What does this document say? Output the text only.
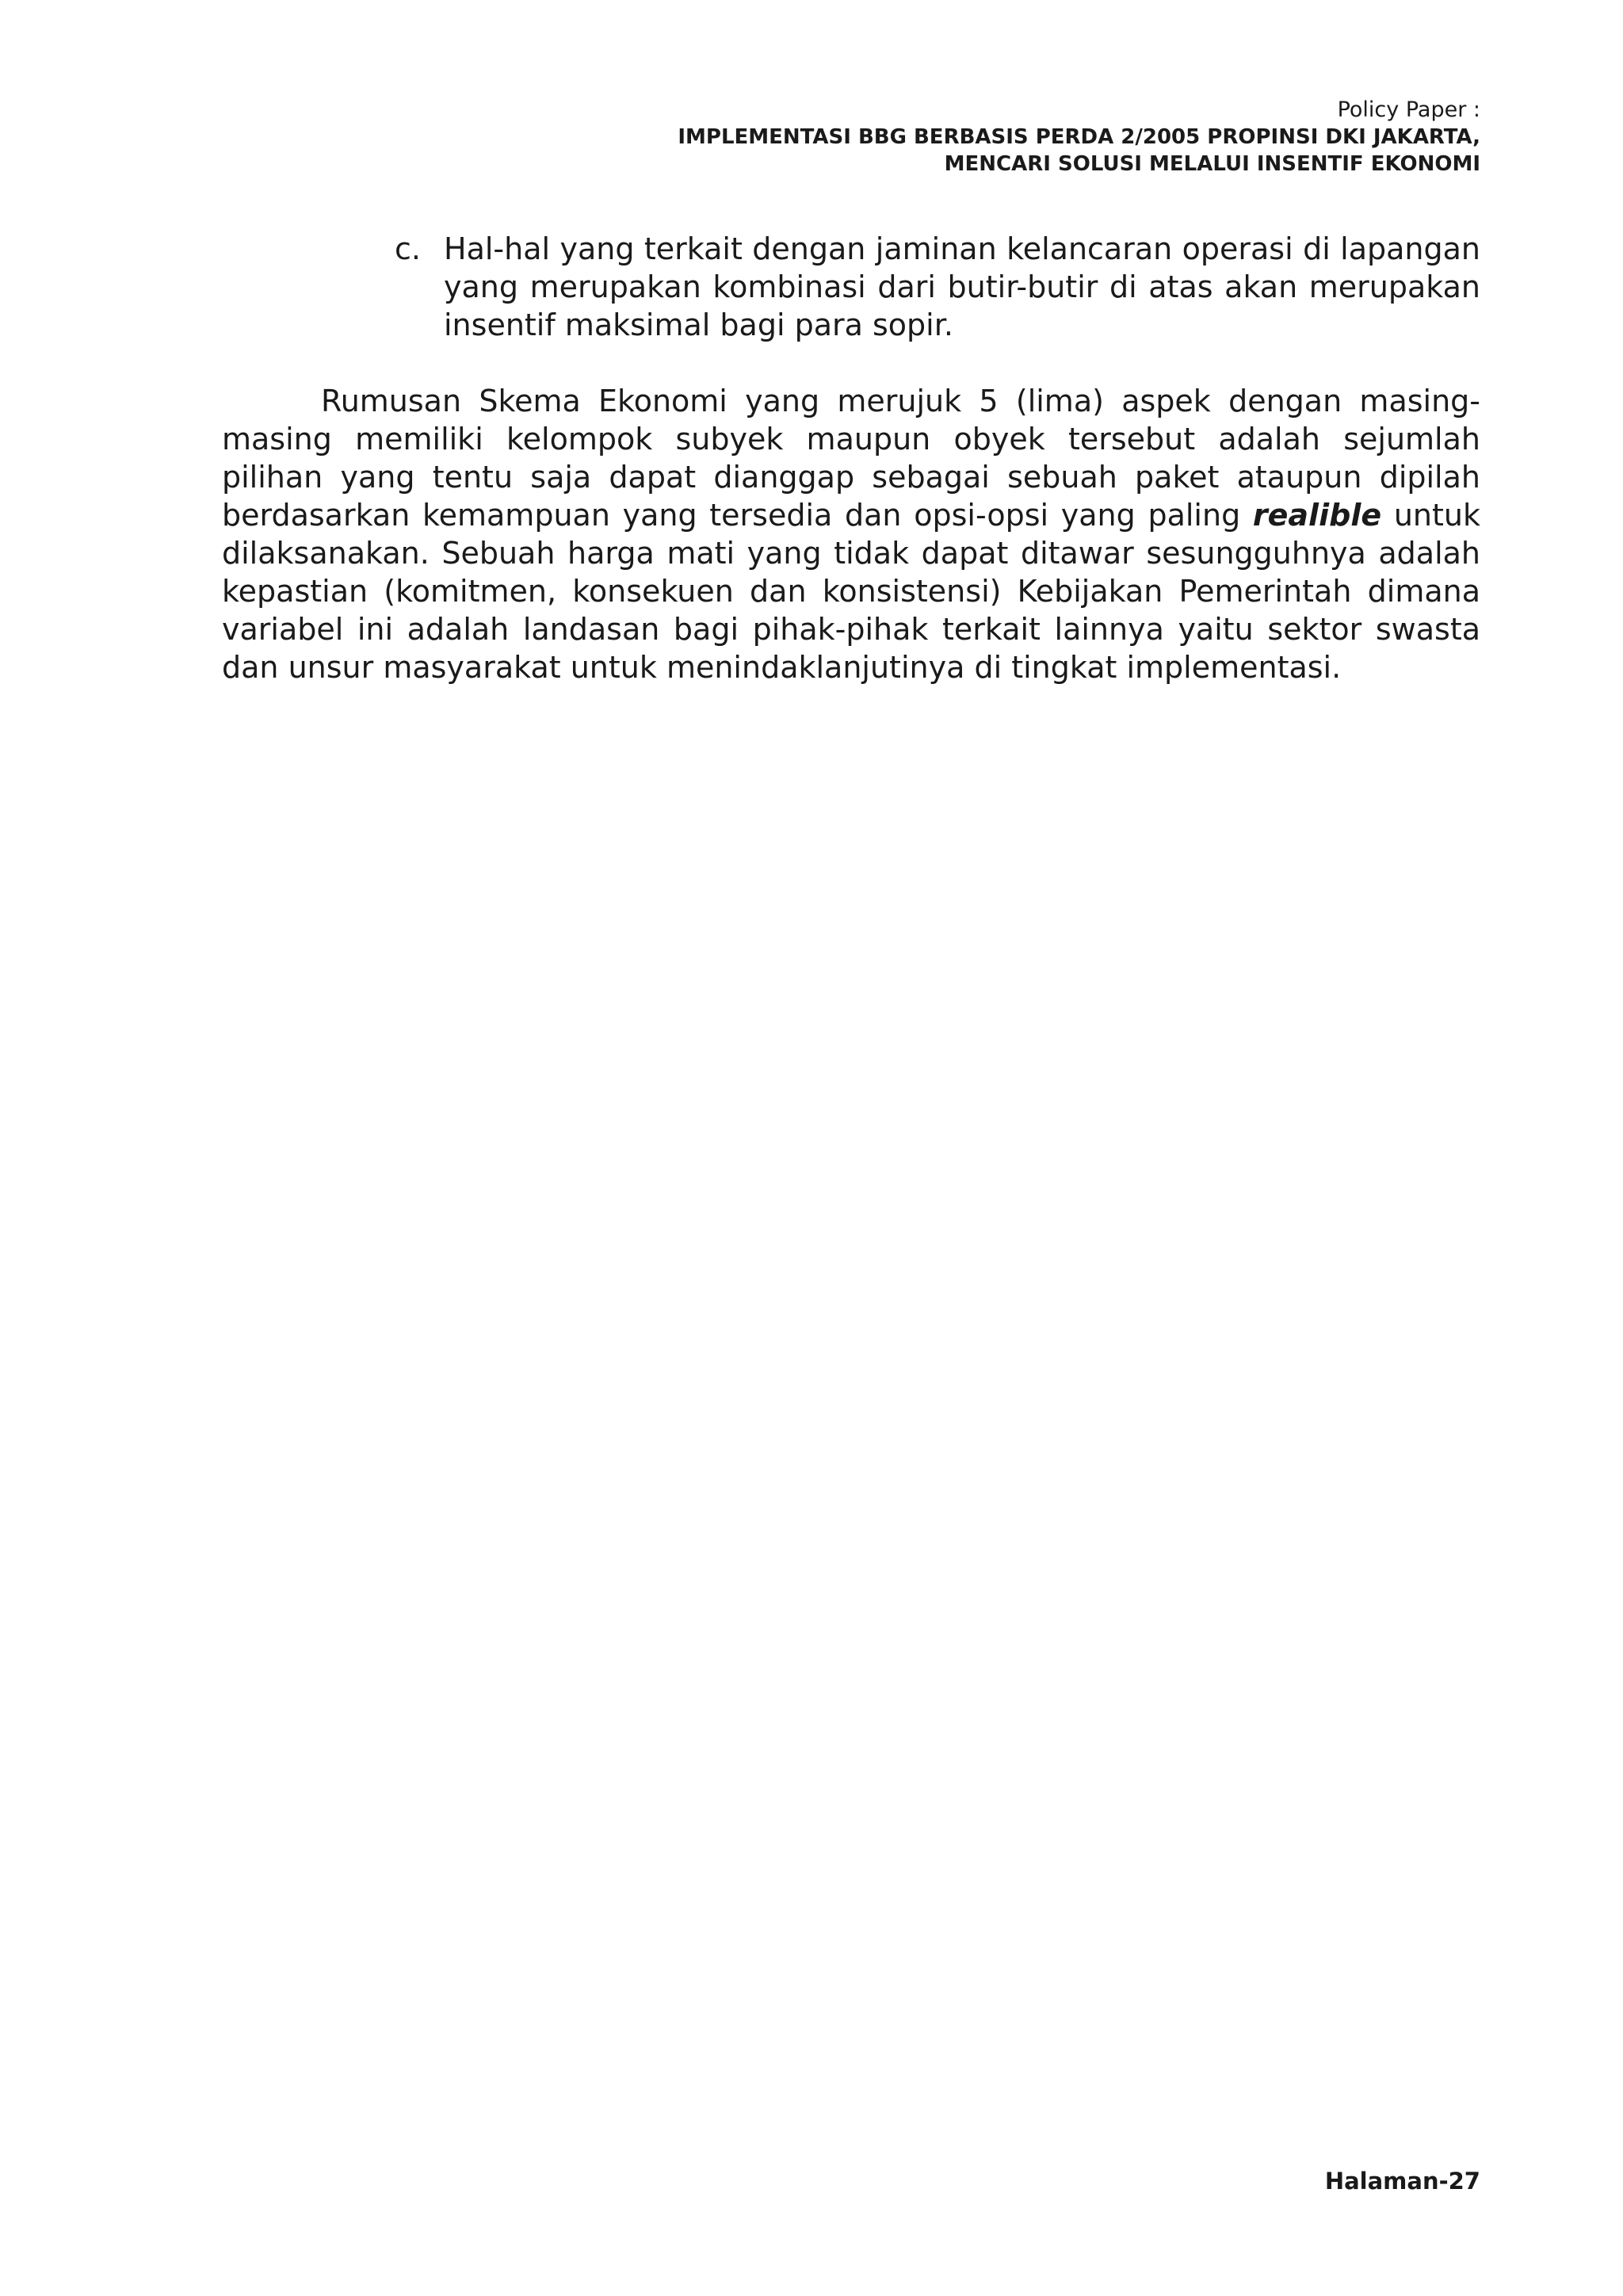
Policy Paper :
IMPLEMENTASI BBG BERBASIS PERDA 2/2005 PROPINSI DKI JAKARTA,
MENCARI SOLUSI MELALUI INSENTIF EKONOMI
c. Hal-hal yang terkait dengan jaminan kelancaran operasi di lapangan yang merupakan kombinasi dari butir-butir di atas akan merupakan insentif maksimal bagi para sopir.

Rumusan Skema Ekonomi yang merujuk 5 (lima) aspek dengan masing-masing memiliki kelompok subyek maupun obyek tersebut adalah sejumlah pilihan yang tentu saja dapat dianggap sebagai sebuah paket ataupun dipilah berdasarkan kemampuan yang tersedia dan opsi-opsi yang paling realible untuk dilaksanakan. Sebuah harga mati yang tidak dapat ditawar sesungguhnya adalah kepastian (komitmen, konsekuen dan konsistensi) Kebijakan Pemerintah dimana variabel ini adalah landasan bagi pihak-pihak terkait lainnya yaitu sektor swasta dan unsur masyarakat untuk menindaklanjutinya di tingkat implementasi.

Halaman-27
